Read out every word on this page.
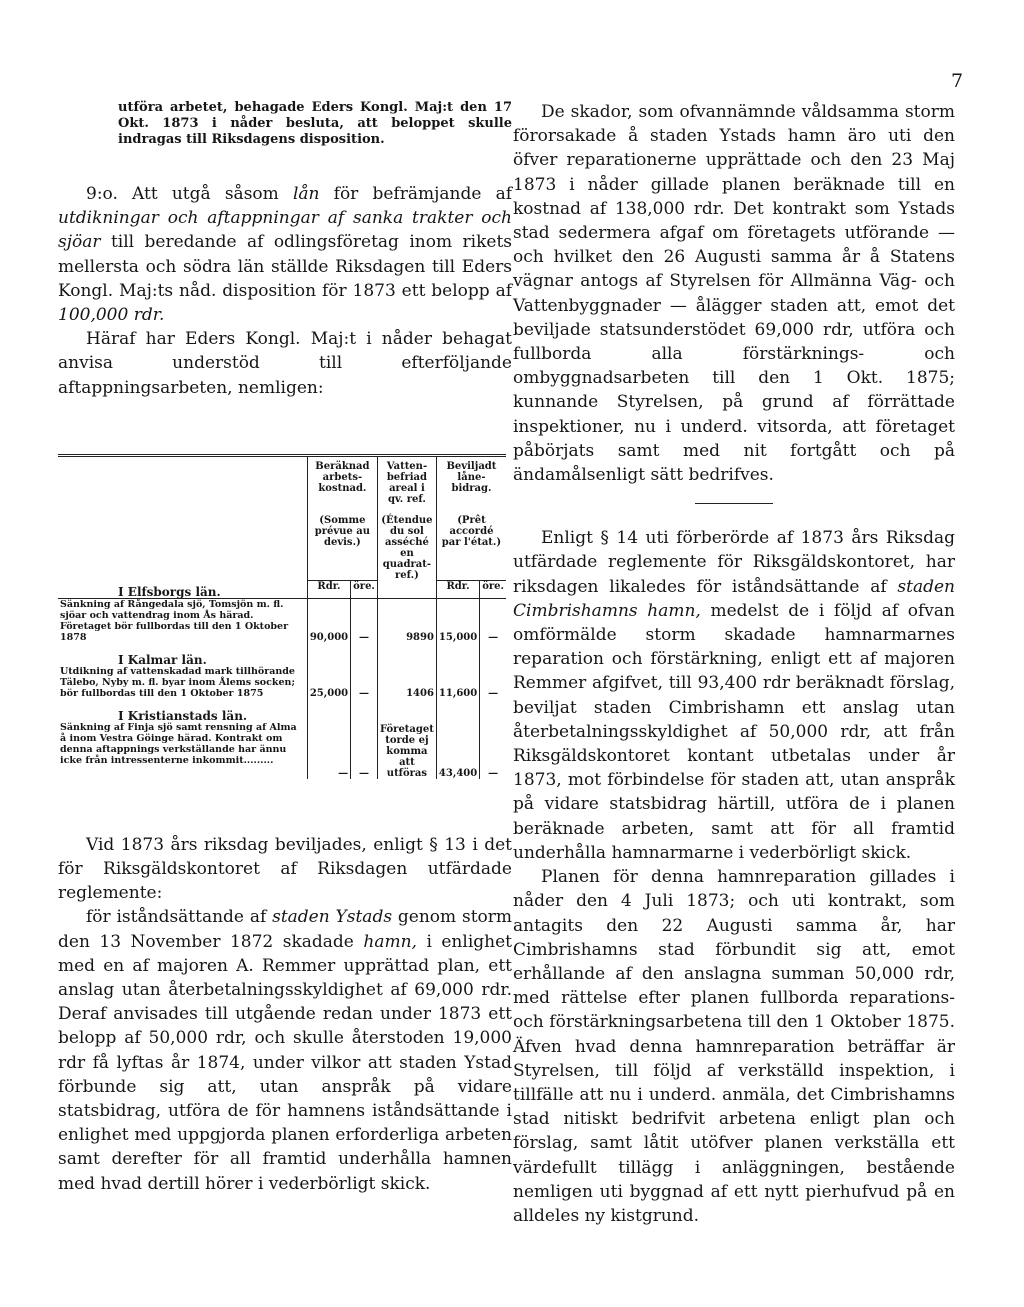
7

utföra arbetet, behagade Eders Kongl. Maj:t den 17 Okt. 1873 i nåder besluta, att beloppet skulle indragas till Riksdagens disposition.

9:o. Att utgå såsom lån för befrämjande af utdikningar och aftappningar af sanka trakter och sjöar till beredande af odlingsföretag inom rikets mellersta och södra län ställde Riksdagen till Eders Kongl. Maj:ts nåd. disposition för 1873 ett belopp af 100,000 rdr.

Häraf har Eders Kongl. Maj:t i nåder behagat anvisa understöd till efterföljande aftappningsarbeten, nemligen:

	Beräknad arbets-kostnad.		Vatten-befriad areal i qv. ref.	Beviljadt låne-bidrag.	
	(Somme prévue au devis.)		(Étendue du sol asséché en quadrat-ref.)	(Prêt accordé par l'état.)	
I Elfsborgs län.	Rdr.	öre.		Rdr.	öre.
Sänkning af Rångedala sjö, Tomsjön m. fl. sjöar och vattendrag inom Ås härad. Företaget bör fullbordas till den 1 Oktober 1878	90,000	—	9890	15,000	—
I Kalmar län.					
Utdikning af vattenskadad mark tillhörande Tälebo, Nyby m. fl. byar inom Ålems socken; bör fullbordas till den 1 Oktober 1875	25,000	—	1406	11,600	—
I Kristianstads län.					
Sänkning af Finja sjö samt rensning af Alma å inom Vestra Göinge härad. Kontrakt om denna aftappnings verkställande har ännu icke från intressenterne inkommit.........	—	—	Företaget torde ej komma att utföras	43,400	—

Vid 1873 års riksdag beviljades, enligt § 13 i det för Riksgäldskontoret af Riksdagen utfärdade reglemente:

för iståndsättande af staden Ystads genom storm den 13 November 1872 skadade hamn, i enlighet med en af majoren A. Remmer upprättad plan, ett anslag utan återbetalningsskyldighet af 69,000 rdr. Deraf anvisades till utgående redan under 1873 ett belopp af 50,000 rdr, och skulle återstoden 19,000 rdr få lyftas år 1874, under vilkor att staden Ystad förbunde sig att, utan anspråk på vidare statsbidrag, utföra de för hamnens iståndsättande i enlighet med uppgjorda planen erforderliga arbeten samt derefter för all framtid underhålla hamnen med hvad dertill hörer i vederbörligt skick.

De skador, som ofvannämnde våldsamma storm förorsakade å staden Ystads hamn äro uti den öfver reparationerne upprättade och den 23 Maj 1873 i nåder gillade planen beräknade till en kostnad af 138,000 rdr. Det kontrakt som Ystads stad sedermera afgaf om företagets utförande — och hvilket den 26 Augusti samma år å Statens vägnar antogs af Styrelsen för Allmänna Väg- och Vattenbyggnader — ålägger staden att, emot det beviljade statsunderstödet 69,000 rdr, utföra och fullborda alla förstärknings- och ombyggnadsarbeten till den 1 Okt. 1875; kunnande Styrelsen, på grund af förrättade inspektioner, nu i underd. vitsorda, att företaget påbörjats samt med nit fortgått och på ändamålsenligt sätt bedrifves.

Enligt § 14 uti förberörde af 1873 års Riksdag utfärdade reglemente för Riksgäldskontoret, har riksdagen likaledes för iståndsättande af staden Cimbrishamns hamn, medelst de i följd af ofvan omförmälde storm skadade hamnarmarnes reparation och förstärkning, enligt ett af majoren Remmer afgifvet, till 93,400 rdr beräknadt förslag, beviljat staden Cimbrishamn ett anslag utan återbetalningsskyldighet af 50,000 rdr, att från Riksgäldskontoret kontant utbetalas under år 1873, mot förbindelse för staden att, utan anspråk på vidare statsbidrag härtill, utföra de i planen beräknade arbeten, samt att för all framtid underhålla hamnarmarne i vederbörligt skick.

Planen för denna hamnreparation gillades i nåder den 4 Juli 1873; och uti kontrakt, som antagits den 22 Augusti samma år, har Cimbrishamns stad förbundit sig att, emot erhållande af den anslagna summan 50,000 rdr, med rättelse efter planen fullborda reparations- och förstärkningsarbetena till den 1 Oktober 1875. Äfven hvad denna hamnreparation beträffar är Styrelsen, till följd af verkställd inspektion, i tillfälle att nu i underd. anmäla, det Cimbrishamns stad nitiskt bedrifvit arbetena enligt plan och förslag, samt låtit utöfver planen verkställa ett värdefullt tillägg i anläggningen, bestående nemligen uti byggnad af ett nytt pierhufvud på en alldeles ny kistgrund.
